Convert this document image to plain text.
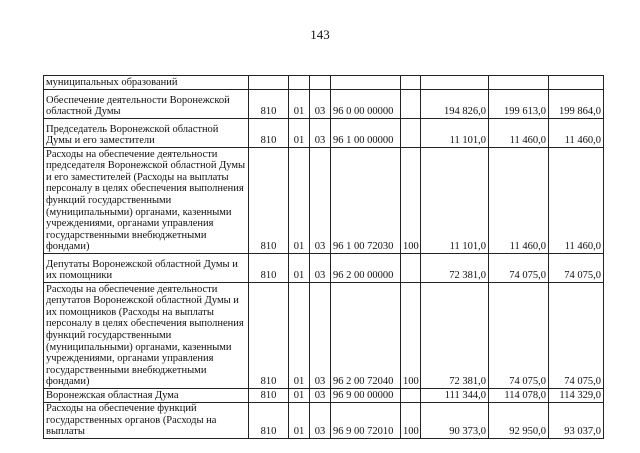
143
муниципальных образований								
Обеспечение деятельности Воронежской областной Думы	810	01	03	96 0 00 00000		194 826,0	199 613,0	199 864,0
Председатель Воронежской областной Думы и его заместители	810	01	03	96 1 00 00000		11 101,0	11 460,0	11 460,0
Расходы на обеспечение деятельности председателя Воронежской областной Думы и его заместителей (Расходы на выплаты персоналу в целях обеспечения выполнения функций государственными (муниципальными) органами, казенными учреждениями, органами управления государственными внебюджетными фондами)	810	01	03	96 1 00 72030	100	11 101,0	11 460,0	11 460,0
Депутаты Воронежской областной Думы и их помощники	810	01	03	96 2 00 00000		72 381,0	74 075,0	74 075,0
Расходы на обеспечение деятельности депутатов Воронежской областной Думы и их помощников (Расходы на выплаты персоналу в целях обеспечения выполнения функций государственными (муниципальными) органами, казенными учреждениями, органами управления государственными внебюджетными фондами)	810	01	03	96 2 00 72040	100	72 381,0	74 075,0	74 075,0
Воронежская областная Дума	810	01	03	96 9 00 00000		111 344,0	114 078,0	114 329,0
Расходы на обеспечение функций государственных органов (Расходы на выплаты	810	01	03	96 9 00 72010	100	90 373,0	92 950,0	93 037,0
